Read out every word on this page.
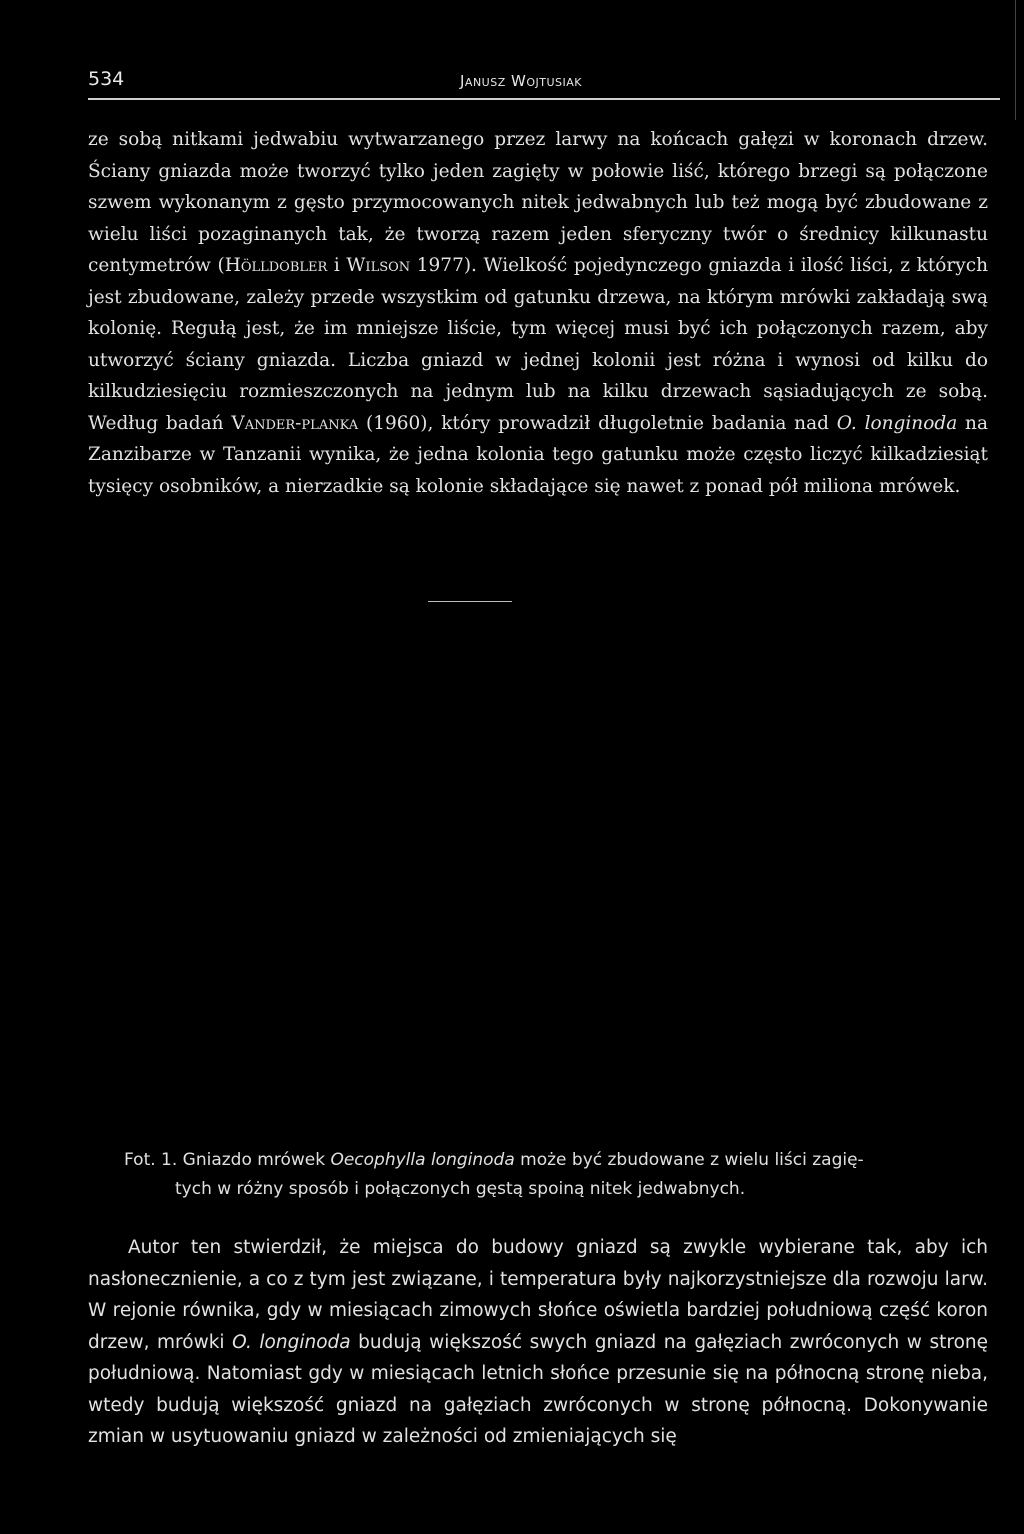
534	Janusz Wojtusiak

ze sobą nitkami jedwabiu wytwarzanego przez larwy na końcach gałęzi w koronach drzew. Ściany gniazda może tworzyć tylko jeden zagięty w połowie liść, którego brzegi są połączone szwem wykonanym z gęsto przymocowanych nitek jedwabnych lub też mogą być zbudowane z wielu liści pozaginanych tak, że tworzą razem jeden sferyczny twór o średnicy kilkunastu centymetrów (Hölldobler i Wilson 1977). Wielkość pojedynczego gniazda i ilość liści, z których jest zbudowane, zależy przede wszystkim od gatunku drzewa, na którym mrówki zakładają swą kolonię. Regułą jest, że im mniejsze liście, tym więcej musi być ich połączonych razem, aby utworzyć ściany gniazda. Liczba gniazd w jednej kolonii jest różna i wynosi od kilku do kilkudziesięciu rozmieszczonych na jednym lub na kilku drzewach sąsiadujących ze sobą. Według badań Vander-planka (1960), który prowadził długoletnie badania nad O. longinoda na Zanzibarze w Tanzanii wynika, że jedna kolonia tego gatunku może często liczyć kilkadziesiąt tysięcy osobników, a nierzadkie są kolonie składające się nawet z ponad pół miliona mrówek.

Fot. 1. Gniazdo mrówek Oecophylla longinoda może być zbudowane z wielu liści zagię-
tych w różny sposób i połączonych gęstą spoiną nitek jedwabnych.

Autor ten stwierdził, że miejsca do budowy gniazd są zwykle wybierane tak, aby ich nasłonecznienie, a co z tym jest związane, i temperatura były najkorzystniejsze dla rozwoju larw. W rejonie równika, gdy w miesiącach zimowych słońce oświetla bardziej południową część koron drzew, mrówki O. longinoda budują większość swych gniazd na gałęziach zwróconych w stronę południową. Natomiast gdy w miesiącach letnich słońce przesunie się na północną stronę nieba, wtedy budują większość gniazd na gałęziach zwróconych w stronę północną. Dokonywanie zmian w usytuowaniu gniazd w zależności od zmieniających się
